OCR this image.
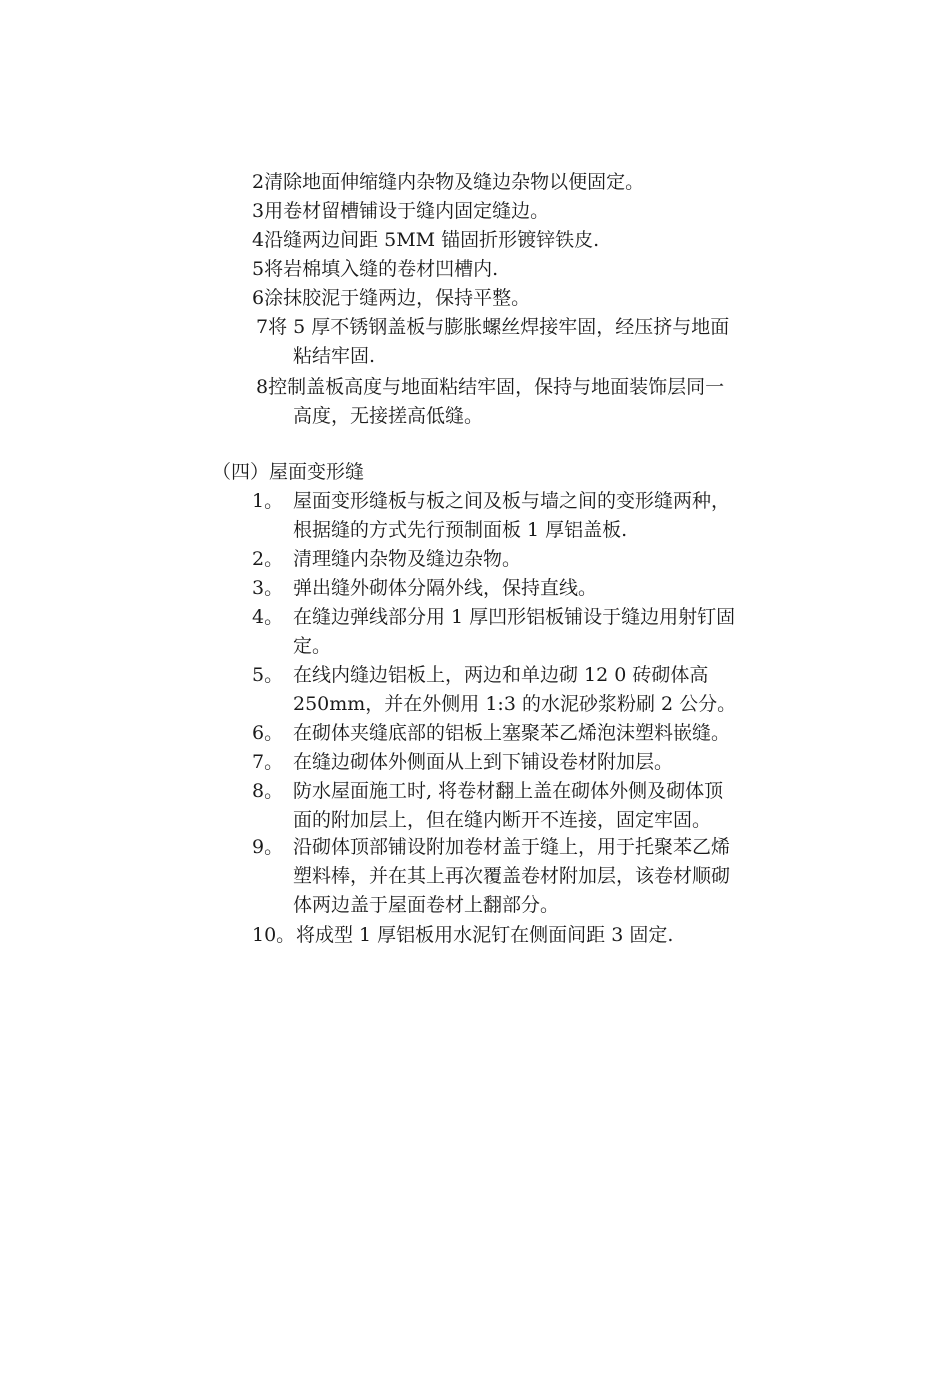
2清除地面伸缩缝内杂物及缝边杂物以便固定。
3用卷材留槽铺设于缝内固定缝边。
4沿缝两边间距 5MM 锚固折形镀锌铁皮.
5将岩棉填入缝的卷材凹槽内.
6涂抹胶泥于缝两边，保持平整。
7将 5 厚不锈钢盖板与膨胀螺丝焊接牢固，经压挤与地面
粘结牢固.
8控制盖板高度与地面粘结牢固，保持与地面装饰层同一
高度，无接搓高低缝。
（四）屋面变形缝
1。 屋面变形缝板与板之间及板与墙之间的变形缝两种，
根据缝的方式先行预制面板 1 厚铝盖板.
2。 清理缝内杂物及缝边杂物。
3。 弹出缝外砌体分隔外线，保持直线。
4。 在缝边弹线部分用 1 厚凹形铝板铺设于缝边用射钉固
定。
5。 在线内缝边铝板上，两边和单边砌 12 0 砖砌体高
250mm，并在外侧用 1:3 的水泥砂浆粉刷 2 公分。
6。 在砌体夹缝底部的铝板上塞聚苯乙烯泡沫塑料嵌缝。
7。 在缝边砌体外侧面从上到下铺设卷材附加层。
8。 防水屋面施工时, 将卷材翻上盖在砌体外侧及砌体顶
面的附加层上，但在缝内断开不连接，固定牢固。
9。 沿砌体顶部铺设附加卷材盖于缝上，用于托聚苯乙烯
塑料棒，并在其上再次覆盖卷材附加层，该卷材顺砌
体两边盖于屋面卷材上翻部分。
10。 将成型 1 厚铝板用水泥钉在侧面间距 3 固定.
